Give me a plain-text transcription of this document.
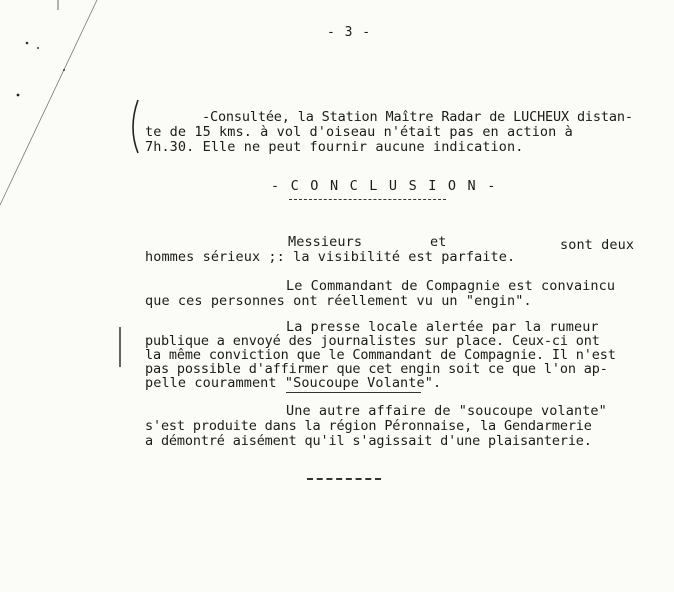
- 3 -
-Consultée, la Station Maître Radar de LUCHEUX distan-
te de 15 kms. à vol d'oiseau n'était pas en action à
7h.30. Elle ne peut fournir aucune indication.
- C O N C L U S I O N -
Messieurs	et	sont deux
hommes sérieux ;: la visibilité est parfaite.
Le Commandant de Compagnie est convaincu
que ces personnes ont réellement vu un "engin".
La presse locale alertée par la rumeur
publique a envoyé des journalistes sur place. Ceux-ci ont
la même conviction que le Commandant de Compagnie. Il n'est
pas possible d'affirmer que cet engin soit ce que l'on ap-
pelle couramment "Soucoupe Volante".
Une autre affaire de "soucoupe volante"
s'est produite dans la région Péronnaise, la Gendarmerie
a démontré aisément qu'il s'agissait d'une plaisanterie.
